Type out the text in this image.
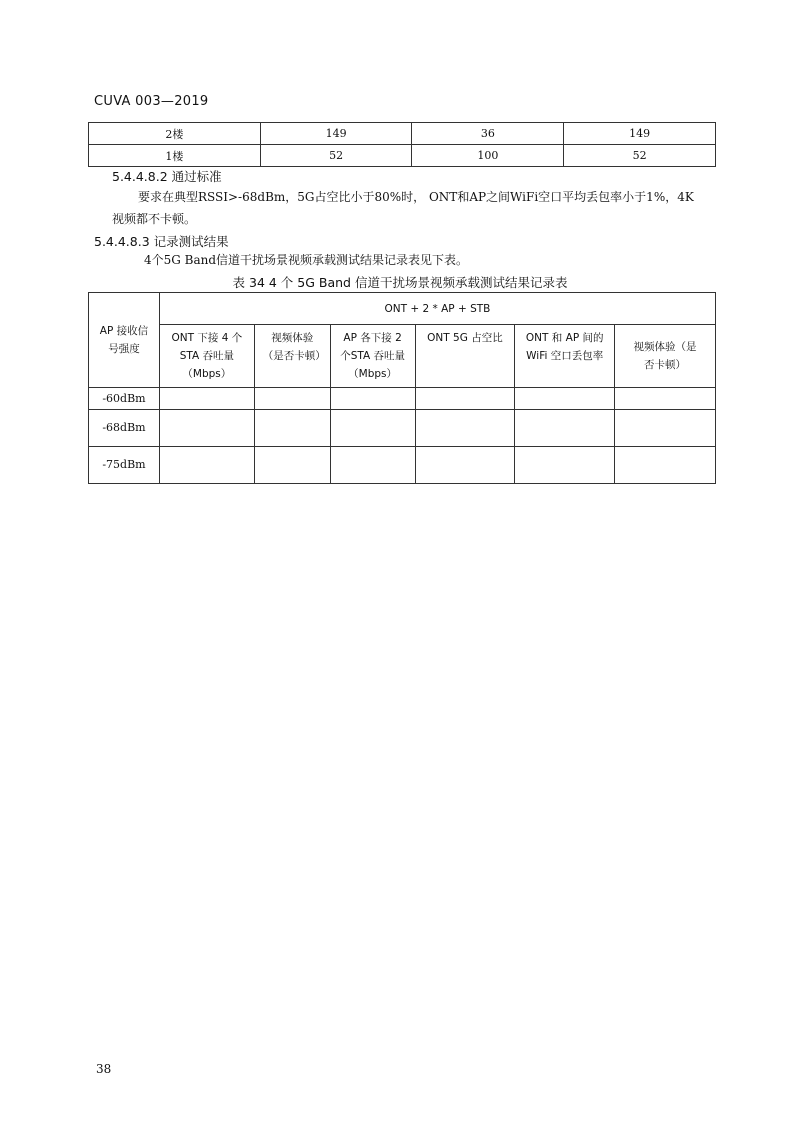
CUVA 003—2019
2楼	149	36	149
1楼	52	100	52
5.4.4.8.2 通过标准
要求在典型RSSI>-68dBm，5G占空比小于80%时， ONT和AP之间WiFi空口平均丢包率小于1%，4K
视频都不卡顿。
5.4.4.8.3 记录测试结果
4个5G Band信道干扰场景视频承载测试结果记录表见下表。
表 34 4 个 5G Band 信道干扰场景视频承载测试结果记录表
AP 接收信号强度	ONT + 2 * AP + STB					
	ONT 下接 4 个 STA 吞吐量（Mbps）	视频体验（是否卡顿）	AP 各下接 2 个STA 吞吐量（Mbps）	ONT 5G 占空比	ONT 和 AP 间的 WiFi 空口丢包率	视频体验（是否卡顿）
-60dBm						
-68dBm						
-75dBm						
38
